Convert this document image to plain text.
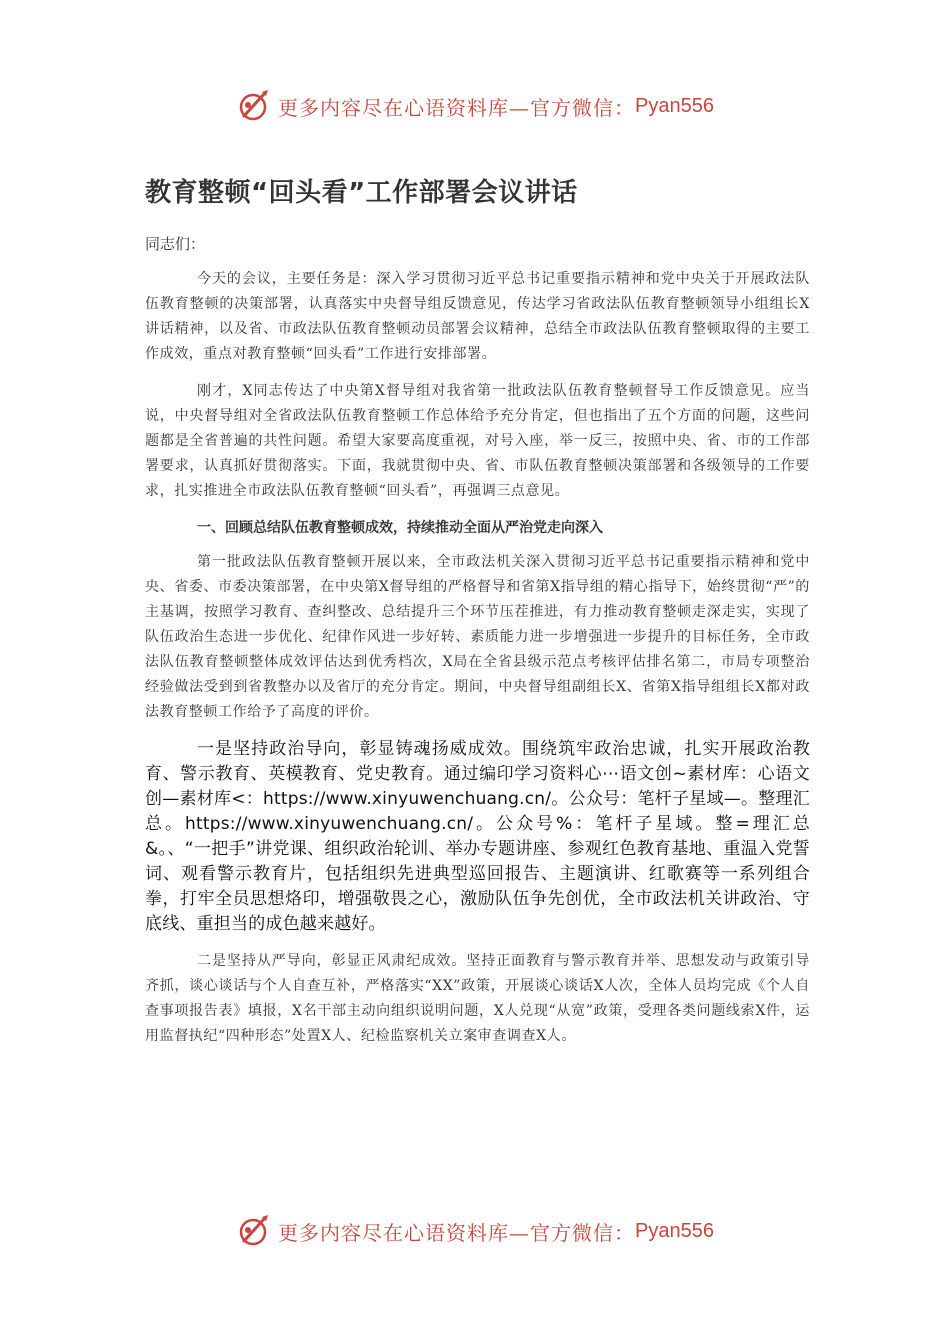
更多内容尽在心语资料库—官方微信： Pyan556
教育整顿“回头看”工作部署会议讲话

同志们：

今天的会议，主要任务是：深入学习贯彻习近平总书记重要指示精神和党中央关于开展政法队伍教育整顿的决策部署，认真落实中央督导组反馈意见，传达学习省政法队伍教育整顿领导小组组长X讲话精神，以及省、市政法队伍教育整顿动员部署会议精神，总结全市政法队伍教育整顿取得的主要工作成效，重点对教育整顿“回头看”工作进行安排部署。

刚才，X同志传达了中央第X督导组对我省第一批政法队伍教育整顿督导工作反馈意见。应当说，中央督导组对全省政法队伍教育整顿工作总体给予充分肯定，但也指出了五个方面的问题，这些问题都是全省普遍的共性问题。希望大家要高度重视，对号入座，举一反三，按照中央、省、市的工作部署要求，认真抓好贯彻落实。下面，我就贯彻中央、省、市队伍教育整顿决策部署和各级领导的工作要求，扎实推进全市政法队伍教育整顿“回头看”，再强调三点意见。

一、回顾总结队伍教育整顿成效，持续推动全面从严治党走向深入

第一批政法队伍教育整顿开展以来，全市政法机关深入贯彻习近平总书记重要指示精神和党中央、省委、市委决策部署，在中央第X督导组的严格督导和省第X指导组的精心指导下，始终贯彻“严”的主基调，按照学习教育、查纠整改、总结提升三个环节压茬推进，有力推动教育整顿走深走实，实现了队伍政治生态进一步优化、纪律作风进一步好转、素质能力进一步增强进一步提升的目标任务，全市政法队伍教育整顿整体成效评估达到优秀档次，X局在全省县级示范点考核评估排名第二，市局专项整治经验做法受到到省教整办以及省厅的充分肯定。期间，中央督导组副组长X、省第X指导组组长X都对政法教育整顿工作给予了高度的评价。

一是坚持政治导向，彰显铸魂扬威成效。围绕筑牢政治忠诚，扎实开展政治教育、警示教育、英模教育、党史教育。通过编印学习资料心⋯语文创~素材库：心语文创—素材库<：https://www.xinyuwenchuang.cn/。公众号：笔杆子星域—。整理汇总。https://www.xinyuwenchuang.cn/。公众号%：笔杆子星域。整=理汇总&。、“一把手”讲党课、组织政治轮训、举办专题讲座、参观红色教育基地、重温入党誓词、观看警示教育片，包括组织先进典型巡回报告、主题演讲、红歌赛等一系列组合拳，打牢全员思想烙印，增强敬畏之心，激励队伍争先创优，全市政法机关讲政治、守底线、重担当的成色越来越好。

二是坚持从严导向，彰显正风肃纪成效。坚持正面教育与警示教育并举、思想发动与政策引导齐抓，谈心谈话与个人自查互补，严格落实“XX”政策，开展谈心谈话X人次，全体人员均完成《个人自查事项报告表》填报，X名干部主动向组织说明问题，X人兑现“从宽”政策，受理各类问题线索X件，运用监督执纪“四种形态”处置X人、纪检监察机关立案审查调查X人。

更多内容尽在心语资料库—官方微信： Pyan556
